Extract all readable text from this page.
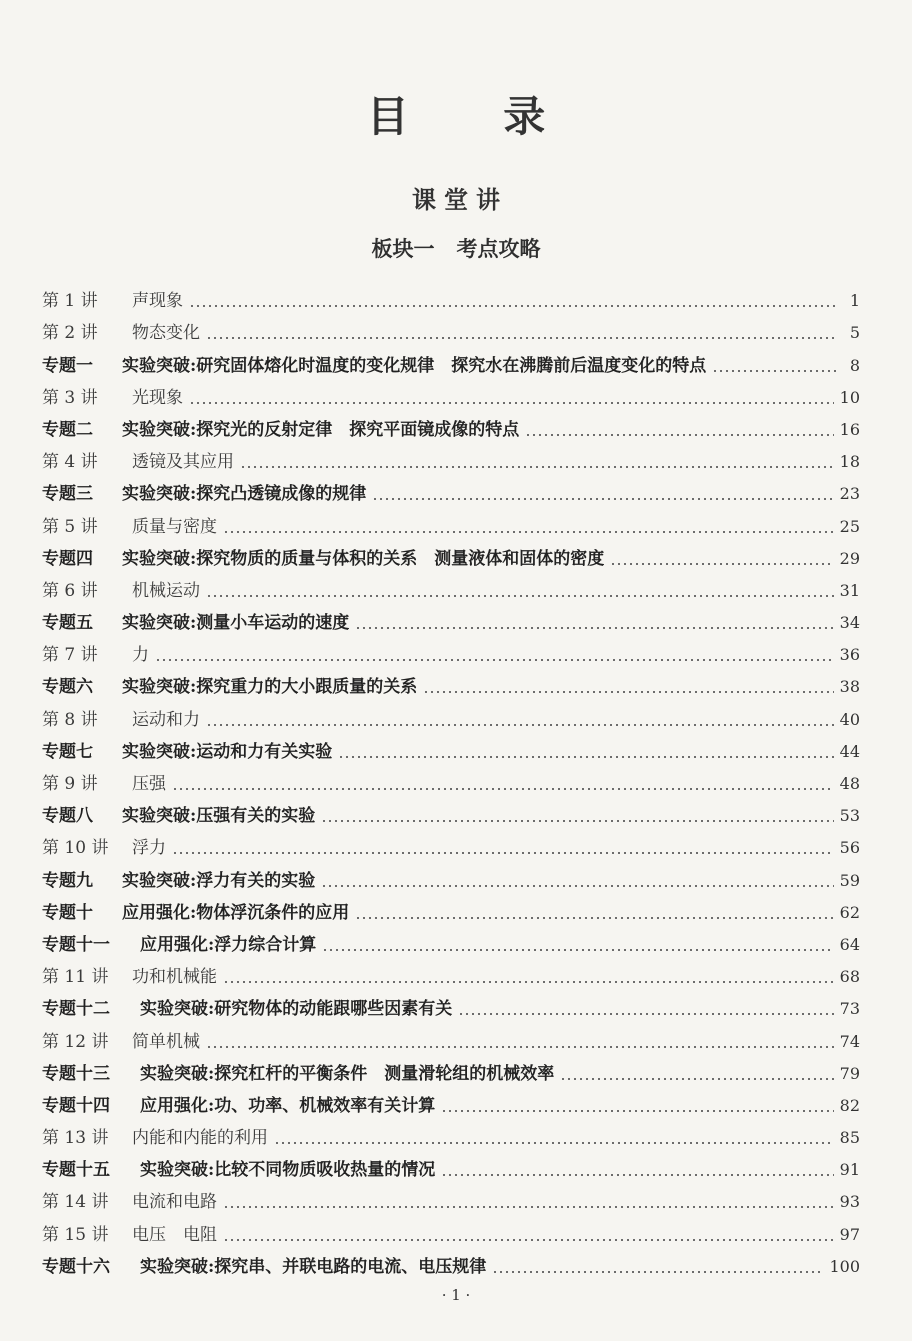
目 录
课堂讲
板块一 考点攻略
第 1 讲	声现象	1
第 2 讲	物态变化	5
专题一	实验突破:研究固体熔化时温度的变化规律　探究水在沸腾前后温度变化的特点	8
第 3 讲	光现象	10
专题二	实验突破:探究光的反射定律　探究平面镜成像的特点	16
第 4 讲	透镜及其应用	18
专题三	实验突破:探究凸透镜成像的规律	23
第 5 讲	质量与密度	25
专题四	实验突破:探究物质的质量与体积的关系　测量液体和固体的密度	29
第 6 讲	机械运动	31
专题五	实验突破:测量小车运动的速度	34
第 7 讲	力	36
专题六	实验突破:探究重力的大小跟质量的关系	38
第 8 讲	运动和力	40
专题七	实验突破:运动和力有关实验	44
第 9 讲	压强	48
专题八	实验突破:压强有关的实验	53
第 10 讲	浮力	56
专题九	实验突破:浮力有关的实验	59
专题十	应用强化:物体浮沉条件的应用	62
专题十一	应用强化:浮力综合计算	64
第 11 讲	功和机械能	68
专题十二	实验突破:研究物体的动能跟哪些因素有关	73
第 12 讲	简单机械	74
专题十三	实验突破:探究杠杆的平衡条件　测量滑轮组的机械效率	79
专题十四	应用强化:功、功率、机械效率有关计算	82
第 13 讲	内能和内能的利用	85
专题十五	实验突破:比较不同物质吸收热量的情况	91
第 14 讲	电流和电路	93
第 15 讲	电压　电阻	97
专题十六	实验突破:探究串、并联电路的电流、电压规律	100
· 1 ·
